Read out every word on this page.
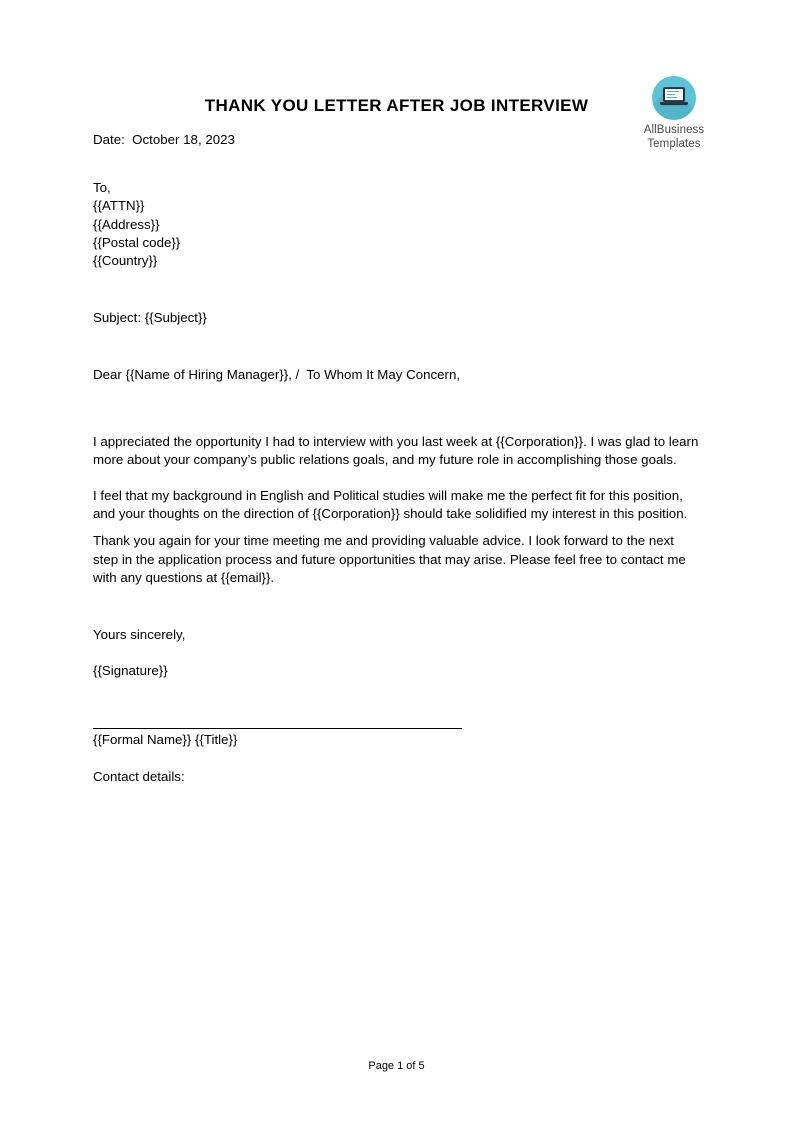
AllBusiness
Templates
THANK YOU LETTER AFTER JOB INTERVIEW
Date:  October 18, 2023
To,
{{ATTN}}
{{Address}}
{{Postal code}}
{{Country}}
Subject: {{Subject}}
Dear {{Name of Hiring Manager}}, /  To Whom It May Concern,

I appreciated the opportunity I had to interview with you last week at {{Corporation}}. I was glad to learn more about your company’s public relations goals, and my future role in accomplishing those goals.

I feel that my background in English and Political studies will make me the perfect fit for this position, and your thoughts on the direction of {{Corporation}} should take solidified my interest in this position.

Thank you again for your time meeting me and providing valuable advice. I look forward to the next step in the application process and future opportunities that may arise. Please feel free to contact me with any questions at {{email}}.

Yours sincerely,
{{Signature}}
{{Formal Name}} {{Title}}
Contact details:
Page 1 of 5
